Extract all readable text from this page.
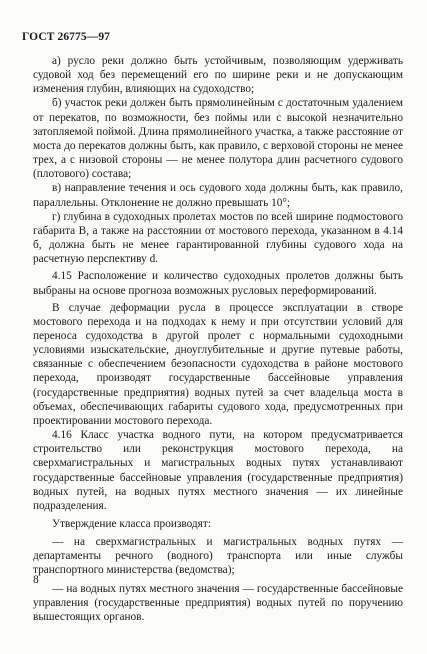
ГОСТ 26775—97

а) русло реки должно быть устойчивым, позволяющим удерживать судовой ход без перемещений его по ширине реки и не допускающим изменения глубин, влияющих на судоходство;

б) участок реки должен быть прямолинейным с достаточным удалением от перекатов, по возможности, без поймы или с высокой незначительно затопляемой поймой. Длина прямолинейного участка, а также расстояние от моста до перекатов должны быть, как правило, с верховой стороны не менее трех, а с низовой стороны — не менее полутора длин расчетного судового (плотового) состава;

в) направление течения и ось судового хода должны быть, как правило, параллельны. Отклонение не должно превышать 10°;

г) глубина в судоходных пролетах мостов по всей ширине подмостового габарита B, а также на расстоянии от мостового перехода, указанном в 4.14 б, должна быть не менее гарантированной глубины судового хода на расчетную перспективу d.

4.15 Расположение и количество судоходных пролетов должны быть выбраны на основе прогноза возможных русловых переформирований.

В случае деформации русла в процессе эксплуатации в створе мостового перехода и на подходах к нему и при отсутствии условий для переноса судоходства в другой пролет с нормальными судоходными условиями изыскательские, дноуглубительные и другие путевые работы, связанные с обеспечением безопасности судоходства в районе мостового перехода, производят государственные бассейновые управления (государственные предприятия) водных путей за счет владельца моста в объемах, обеспечивающих габариты судового хода, предусмотренных при проектировании мостового перехода.

4.16 Класс участка водного пути, на котором предусматривается строительство или реконструкция мостового перехода, на сверхмагистральных и магистральных водных путях устанавливают государственные бассейновые управления (государственные предприятия) водных путей, на водных путях местного значения — их линейные подразделения.

Утверждение класса производят:

— на сверхмагистральных и магистральных водных путях — департаменты речного (водного) транспорта или иные службы транспортного министерства (ведомства);

— на водных путях местного значения — государственные бассейновые управления (государственные предприятия) водных путей по поручению вышестоящих органов.

8
